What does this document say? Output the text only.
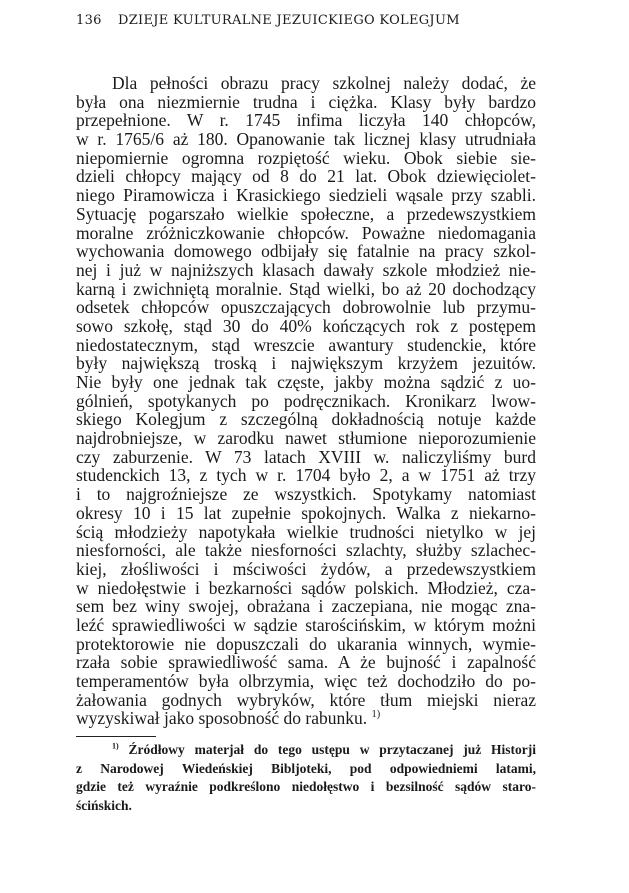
136 DZIEJE KULTURALNE JEZUICKIEGO KOLEGJUM
Dla pełności obrazu pracy szkolnej należy dodać, że
była ona niezmiernie trudna i ciężka. Klasy były bardzo
przepełnione. W r. 1745 infima liczyła 140 chłopców,
w r. 1765/6 aż 180. Opanowanie tak licznej klasy utrudniała
niepomiernie ogromna rozpiętość wieku. Obok siebie sie-
dzieli chłopcy mający od 8 do 21 lat. Obok dziewięciolet-
niego Piramowicza i Krasickiego siedzieli wąsale przy szabli.
Sytuację pogarszało wielkie społeczne, a przedewszystkiem
moralne zróżniczkowanie chłopców. Poważne niedomagania
wychowania domowego odbijały się fatalnie na pracy szkol-
nej i już w najniższych klasach dawały szkole młodzież nie-
karną i zwichniętą moralnie. Stąd wielki, bo aż 20 dochodzący
odsetek chłopców opuszczających dobrowolnie lub przymu-
sowo szkołę, stąd 30 do 40% kończących rok z postępem
niedostatecznym, stąd wreszcie awantury studenckie, które
były największą troską i największym krzyżem jezuitów.
Nie były one jednak tak częste, jakby można sądzić z uo-
gólnień, spotykanych po podręcznikach. Kronikarz lwow-
skiego Kolegjum z szczególną dokładnością notuje każde
najdrobniejsze, w zarodku nawet stłumione nieporozumienie
czy zaburzenie. W 73 latach XVIII w. naliczyliśmy burd
studenckich 13, z tych w r. 1704 było 2, a w 1751 aż trzy
i to najgroźniejsze ze wszystkich. Spotykamy natomiast
okresy 10 i 15 lat zupełnie spokojnych. Walka z niekarno-
ścią młodzieży napotykała wielkie trudności nietylko w jej
niesforności, ale także niesforności szlachty, służby szlachec-
kiej, złośliwości i mściwości żydów, a przedewszystkiem
w niedołęstwie i bezkarności sądów polskich. Młodzież, cza-
sem bez winy swojej, obrażana i zaczepiana, nie mogąc zna-
leźć sprawiedliwości w sądzie starościńskim, w którym możni
protektorowie nie dopuszczali do ukarania winnych, wymie-
rzała sobie sprawiedliwość sama. A że bujność i zapalność
temperamentów była olbrzymia, więc też dochodziło do po-
żałowania godnych wybryków, które tłum miejski nieraz
wyzyskiwał jako sposobność do rabunku. $^{1)}$
$^{1)}$ Źródłowy materjał do tego ustępu w przytaczanej już Historji
z Narodowej Wiedeńskiej Bibljoteki, pod odpowiedniemi latami,
gdzie też wyraźnie podkreślono niedołęstwo i bezsilność sądów staro-
ścińskich.
